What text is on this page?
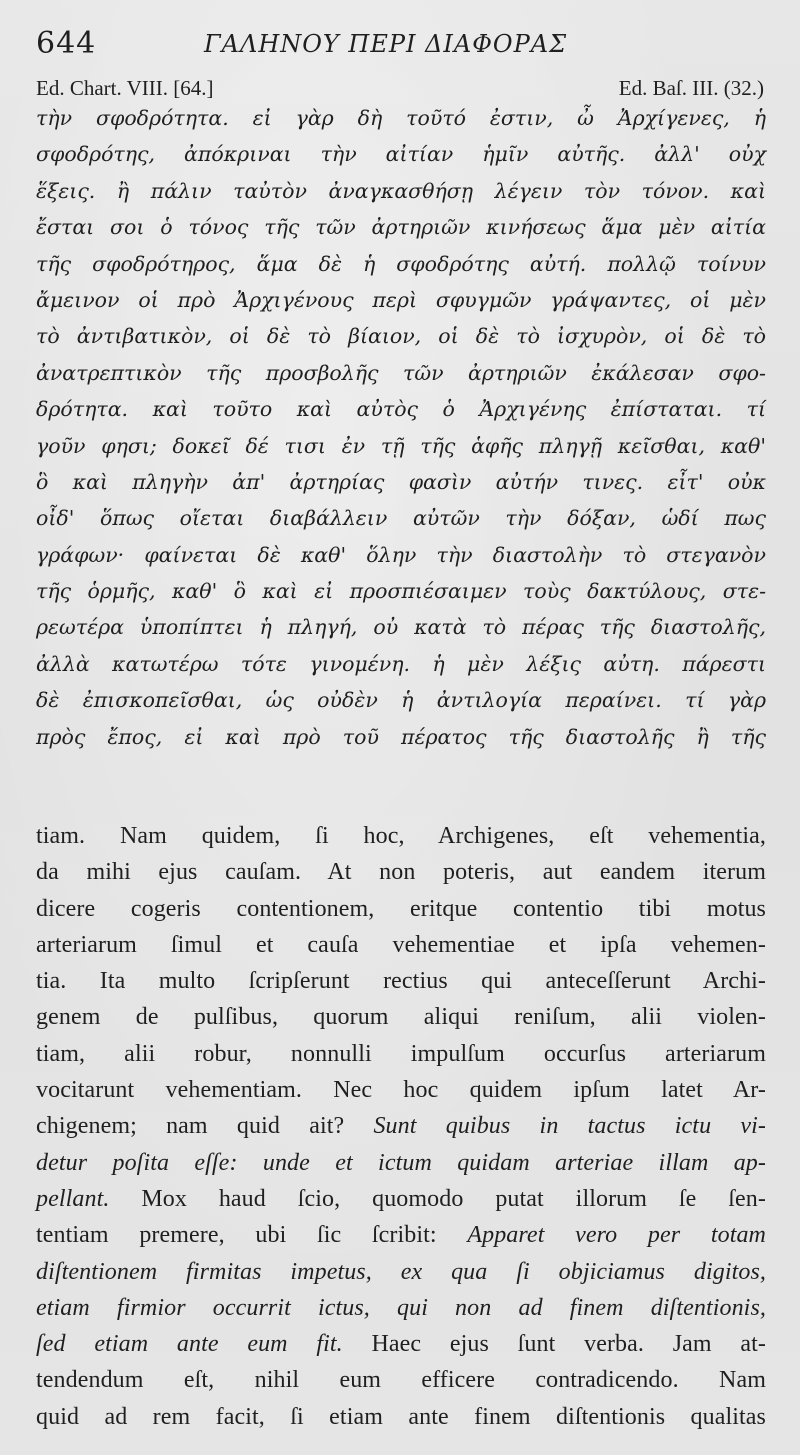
644	ΓΑΛΗΝΟΥ ΠΕΡΙ ΔΙΑΦΟΡΑΣ
Ed. Chart. VIII. [64.]	Ed. Baſ. III. (32.)
τὴν σφοδρότητα. εἰ γὰρ δὴ τοῦτό ἐστιν, ὦ Ἀρχίγενες, ἡ
σφοδρότης, ἀπόκριναι τὴν αἰτίαν ἡμῖν αὐτῆς. ἀλλ' οὐχ
ἕξεις. ἢ πάλιν ταὐτὸν ἀναγκασθήσῃ λέγειν τὸν τόνον. καὶ
ἔσται σοι ὁ τόνος τῆς τῶν ἀρτηριῶν κινήσεως ἅμα μὲν αἰτία
τῆς σφοδρότηρος, ἅμα δὲ ἡ σφοδρότης αὐτή. πολλῷ τοίνυν
ἄμεινον οἱ πρὸ Ἀρχιγένους περὶ σφυγμῶν γράψαντες, οἱ μὲν
τὸ ἀντιβατικὸν, οἱ δὲ τὸ βίαιον, οἱ δὲ τὸ ἰσχυρὸν, οἱ δὲ τὸ
ἀνατρεπτικὸν τῆς προσβολῆς τῶν ἀρτηριῶν ἐκάλεσαν σφο-
δρότητα. καὶ τοῦτο καὶ αὐτὸς ὁ Ἀρχιγένης ἐπίσταται. τί
γοῦν φησι; δοκεῖ δέ τισι ἐν τῇ τῆς ἁφῆς πληγῇ κεῖσθαι, καθ'
ὃ καὶ πληγὴν ἀπ' ἀρτηρίας φασὶν αὐτήν τινες. εἶτ' οὐκ
οἶδ' ὅπως οἴεται διαβάλλειν αὐτῶν τὴν δόξαν, ὡδί πως
γράφων· φαίνεται δὲ καθ' ὅλην τὴν διαστολὴν τὸ στεγανὸν
τῆς ὁρμῆς, καθ' ὃ καὶ εἰ προσπιέσαιμεν τοὺς δακτύλους, στε-
ρεωτέρα ὑποπίπτει ἡ πληγή, οὐ κατὰ τὸ πέρας τῆς διαστολῆς,
ἀλλὰ κατωτέρω τότε γινομένη. ἡ μὲν λέξις αὐτη. πάρεστι
δὲ ἐπισκοπεῖσθαι, ὡς οὐδὲν ἡ ἀντιλογία περαίνει. τί γὰρ
πρὸς ἔπος, εἰ καὶ πρὸ τοῦ πέρατος τῆς διαστολῆς ἢ τῆς
tiam. Nam quidem, ſi hoc, Archigenes, eſt vehementia,
da mihi ejus cauſam. At non poteris, aut eandem iterum
dicere cogeris contentionem, eritque contentio tibi motus
arteriarum ſimul et cauſa vehementiae et ipſa vehemen-
tia. Ita multo ſcripſerunt rectius qui anteceſſerunt Archi-
genem de pulſibus, quorum aliqui reniſum, alii violen-
tiam, alii robur, nonnulli impulſum occurſus arteriarum
vocitarunt vehementiam. Nec hoc quidem ipſum latet Ar-
chigenem; nam quid ait? Sunt quibus in tactus ictu vi-
detur poſita eſſe: unde et ictum quidam arteriae illam ap-
pellant. Mox haud ſcio, quomodo putat illorum ſe ſen-
tentiam premere, ubi ſic ſcribit: Apparet vero per totam
diſtentionem firmitas impetus, ex qua ſi objiciamus digitos,
etiam firmior occurrit ictus, qui non ad finem diſtentionis,
ſed etiam ante eum fit. Haec ejus ſunt verba. Jam at-
tendendum eſt, nihil eum efficere contradicendo. Nam
quid ad rem facit, ſi etiam ante finem diſtentionis qualitas
